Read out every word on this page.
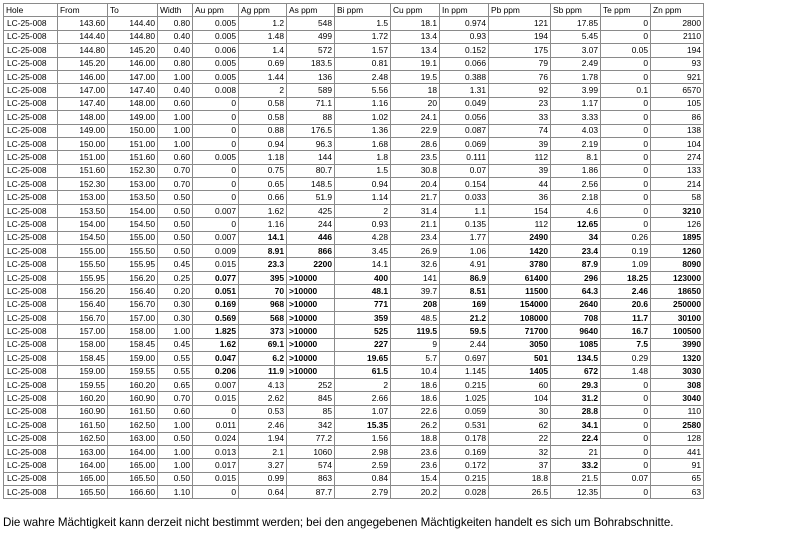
Hole	From	To	Width	Au ppm	Ag ppm	As ppm	Bi ppm	Cu ppm	In ppm	Pb ppm	Sb ppm	Te ppm	Zn ppm
LC-25-008	143.60	144.40	0.80	0.005	1.2	548	1.5	18.1	0.974	121	17.85	0	2800
LC-25-008	144.40	144.80	0.40	0.005	1.48	499	1.72	13.4	0.93	194	5.45	0	2110
LC-25-008	144.80	145.20	0.40	0.006	1.4	572	1.57	13.4	0.152	175	3.07	0.05	194
LC-25-008	145.20	146.00	0.80	0.005	0.69	183.5	0.81	19.1	0.066	79	2.49	0	93
LC-25-008	146.00	147.00	1.00	0.005	1.44	136	2.48	19.5	0.388	76	1.78	0	921
LC-25-008	147.00	147.40	0.40	0.008	2	589	5.56	18	1.31	92	3.99	0.1	6570
LC-25-008	147.40	148.00	0.60	0	0.58	71.1	1.16	20	0.049	23	1.17	0	105
LC-25-008	148.00	149.00	1.00	0	0.58	88	1.02	24.1	0.056	33	3.33	0	86
LC-25-008	149.00	150.00	1.00	0	0.88	176.5	1.36	22.9	0.087	74	4.03	0	138
LC-25-008	150.00	151.00	1.00	0	0.94	96.3	1.68	28.6	0.069	39	2.19	0	104
LC-25-008	151.00	151.60	0.60	0.005	1.18	144	1.8	23.5	0.111	112	8.1	0	274
LC-25-008	151.60	152.30	0.70	0	0.75	80.7	1.5	30.8	0.07	39	1.86	0	133
LC-25-008	152.30	153.00	0.70	0	0.65	148.5	0.94	20.4	0.154	44	2.56	0	214
LC-25-008	153.00	153.50	0.50	0	0.66	51.9	1.14	21.7	0.033	36	2.18	0	58
LC-25-008	153.50	154.00	0.50	0.007	1.62	425	2	31.4	1.1	154	4.6	0	3210
LC-25-008	154.00	154.50	0.50	0	1.16	244	0.93	21.1	0.135	112	12.65	0	126
LC-25-008	154.50	155.00	0.50	0.007	14.1	446	4.28	23.4	1.77	2490	34	0.26	1895
LC-25-008	155.00	155.50	0.50	0.009	8.91	866	3.45	26.9	1.06	1420	23.4	0.19	1260
LC-25-008	155.50	155.95	0.45	0.015	23.3	2200	14.1	32.6	4.91	3780	87.9	1.09	8090
LC-25-008	155.95	156.20	0.25	0.077	395	>10000	400	141	86.9	61400	296	18.25	123000
LC-25-008	156.20	156.40	0.20	0.051	70	>10000	48.1	39.7	8.51	11500	64.3	2.46	18650
LC-25-008	156.40	156.70	0.30	0.169	968	>10000	771	208	169	154000	2640	20.6	250000
LC-25-008	156.70	157.00	0.30	0.569	568	>10000	359	48.5	21.2	108000	708	11.7	30100
LC-25-008	157.00	158.00	1.00	1.825	373	>10000	525	119.5	59.5	71700	9640	16.7	100500
LC-25-008	158.00	158.45	0.45	1.62	69.1	>10000	227	9	2.44	3050	1085	7.5	3990
LC-25-008	158.45	159.00	0.55	0.047	6.2	>10000	19.65	5.7	0.697	501	134.5	0.29	1320
LC-25-008	159.00	159.55	0.55	0.206	11.9	>10000	61.5	10.4	1.145	1405	672	1.48	3030
LC-25-008	159.55	160.20	0.65	0.007	4.13	252	2	18.6	0.215	60	29.3	0	308
LC-25-008	160.20	160.90	0.70	0.015	2.62	845	2.66	18.6	1.025	104	31.2	0	3040
LC-25-008	160.90	161.50	0.60	0	0.53	85	1.07	22.6	0.059	30	28.8	0	110
LC-25-008	161.50	162.50	1.00	0.011	2.46	342	15.35	26.2	0.531	62	34.1	0	2580
LC-25-008	162.50	163.00	0.50	0.024	1.94	77.2	1.56	18.8	0.178	22	22.4	0	128
LC-25-008	163.00	164.00	1.00	0.013	2.1	1060	2.98	23.6	0.169	32	21	0	441
LC-25-008	164.00	165.00	1.00	0.017	3.27	574	2.59	23.6	0.172	37	33.2	0	91
LC-25-008	165.00	165.50	0.50	0.015	0.99	863	0.84	15.4	0.215	18.8	21.5	0.07	65
LC-25-008	165.50	166.60	1.10	0	0.64	87.7	2.79	20.2	0.028	26.5	12.35	0	63
Die wahre Mächtigkeit kann derzeit nicht bestimmt werden; bei den angegebenen Mächtigkeiten handelt es sich um Bohrabschnitte.
